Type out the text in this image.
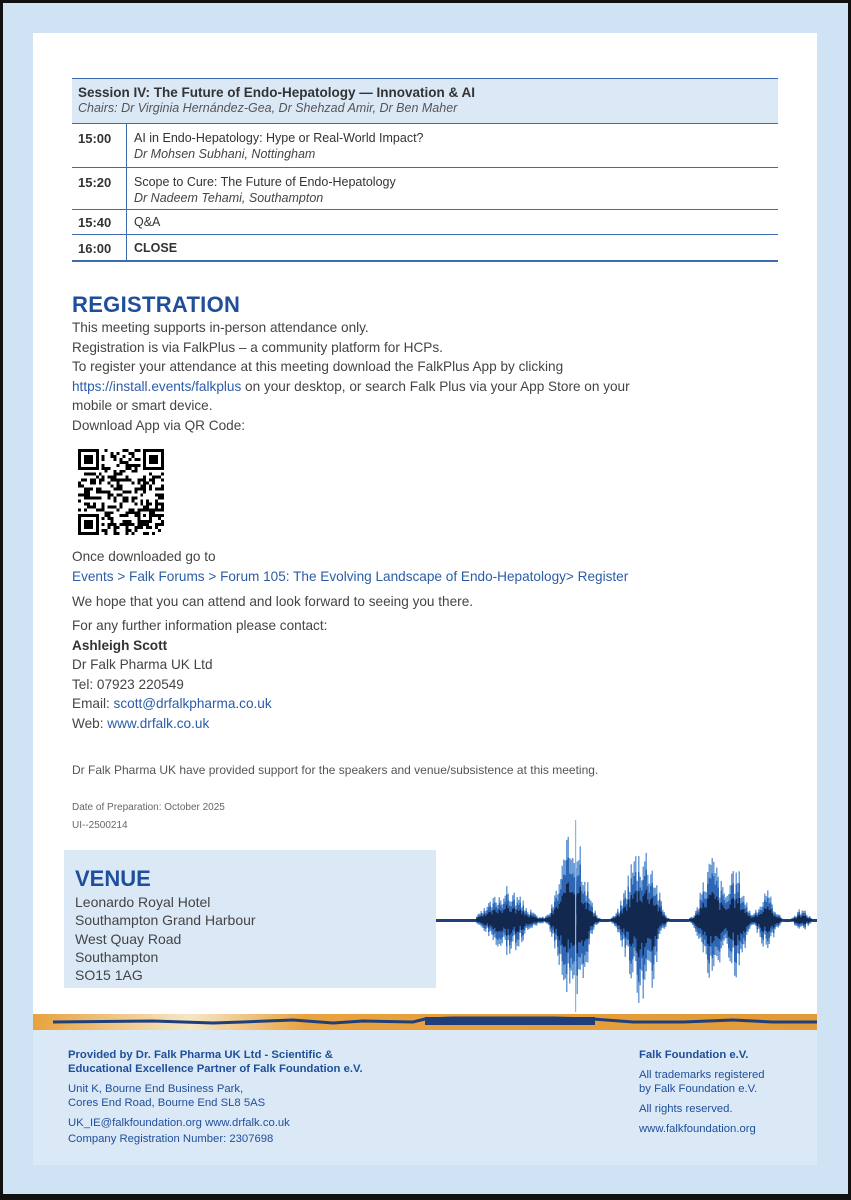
Session IV: The Future of Endo-Hepatology — Innovation & AI
Chairs: Dr Virginia Hernández-Gea, Dr Shehzad Amir, Dr Ben Maher
15:00 AI in Endo-Hepatology: Hype or Real-World Impact?
Dr Mohsen Subhani, Nottingham
15:20 Scope to Cure: The Future of Endo-Hepatology
Dr Nadeem Tehami, Southampton
15:40 Q&A
16:00 CLOSE
REGISTRATION
This meeting supports in-person attendance only.
Registration is via FalkPlus – a community platform for HCPs.
To register your attendance at this meeting download the FalkPlus App by clicking
https://install.events/falkplus on your desktop, or search Falk Plus via your App Store on your
mobile or smart device.
Download App via QR Code:
Once downloaded go to
Events > Falk Forums > Forum 105: The Evolving Landscape of Endo-Hepatology> Register
We hope that you can attend and look forward to seeing you there.
For any further information please contact:
Ashleigh Scott
Dr Falk Pharma UK Ltd
Tel: 07923 220549
Email: scott@drfalkpharma.co.uk
Web: www.drfalk.co.uk
Dr Falk Pharma UK have provided support for the speakers and venue/subsistence at this meeting.
Date of Preparation: October 2025
UI--2500214
VENUE
Leonardo Royal Hotel
Southampton Grand Harbour
West Quay Road
Southampton
SO15 1AG
Provided by Dr. Falk Pharma UK Ltd - Scientific &
Educational Excellence Partner of Falk Foundation e.V.
Unit K, Bourne End Business Park,
Cores End Road, Bourne End SL8 5AS
UK_IE@falkfoundation.org www.drfalk.co.uk
Company Registration Number: 2307698
Falk Foundation e.V.
All trademarks registered
by Falk Foundation e.V.
All rights reserved.
www.falkfoundation.org
